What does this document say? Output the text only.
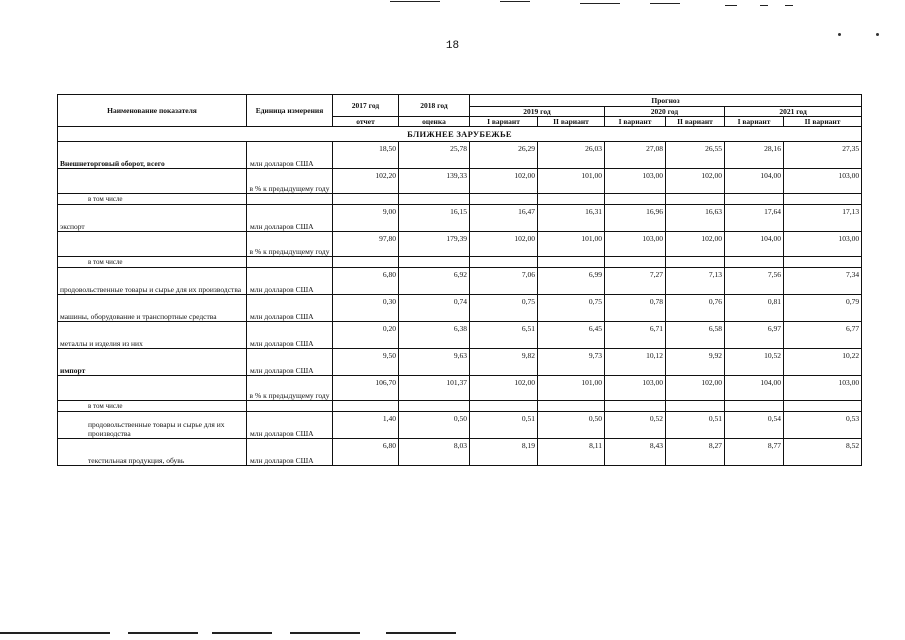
18
Наименование показателя	Единица измерения	2017 год	2018 год	Прогноз					
				2019 год		2020 год		2021 год	
		отчет	оценка	I вариант	II вариант	I вариант	II вариант	I вариант	II вариант
БЛИЖНЕЕ ЗАРУБЕЖЬЕ									
Внешнеторговый оборот, всего	млн долларов США	18,50	25,78	26,29	26,03	27,08	26,55	28,16	27,35
	в % к предыдущему году	102,20	139,33	102,00	101,00	103,00	102,00	104,00	103,00
в том числе									
экспорт	млн долларов США	9,00	16,15	16,47	16,31	16,96	16,63	17,64	17,13
	в % к предыдущему году	97,80	179,39	102,00	101,00	103,00	102,00	104,00	103,00
в том числе									
продовольственные товары и сырье для их производства	млн долларов США	6,80	6,92	7,06	6,99	7,27	7,13	7,56	7,34
машины, оборудование и транспортные средства	млн долларов США	0,30	0,74	0,75	0,75	0,78	0,76	0,81	0,79
металлы и изделия из них	млн долларов США	0,20	6,38	6,51	6,45	6,71	6,58	6,97	6,77
импорт	млн долларов США	9,50	9,63	9,82	9,73	10,12	9,92	10,52	10,22
	в % к предыдущему году	106,70	101,37	102,00	101,00	103,00	102,00	104,00	103,00
в том числе									
продовольственные товары и сырье для их производства	млн долларов США	1,40	0,50	0,51	0,50	0,52	0,51	0,54	0,53
текстильная продукция, обувь	млн долларов США	6,80	8,03	8,19	8,11	8,43	8,27	8,77	8,52
